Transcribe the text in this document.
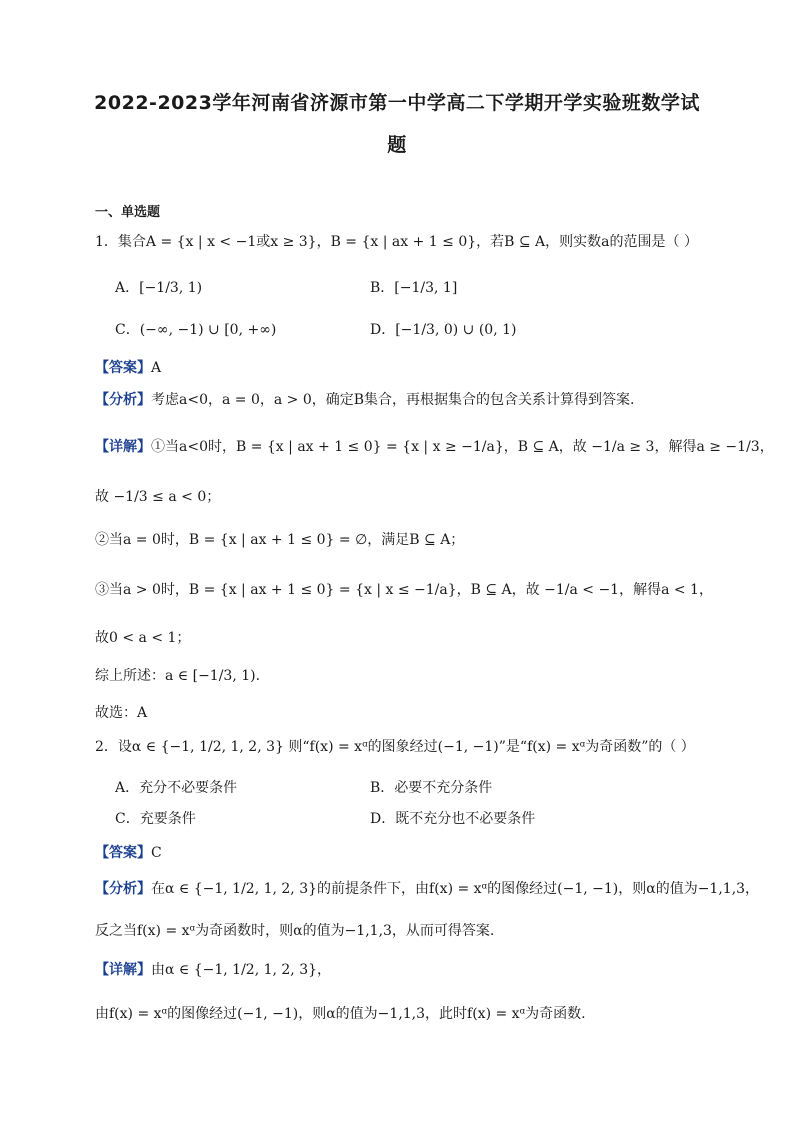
2022-2023学年河南省济源市第一中学高二下学期开学实验班数学试
题
一、单选题
1．集合A = {x | x < −1或x ≥ 3}，B = {x | ax + 1 ≤ 0}，若B ⊆ A，则实数a的范围是（ ）
A．[−1/3, 1)	B．[−1/3, 1]
C．(−∞, −1) ∪ [0, +∞)	D．[−1/3, 0) ∪ (0, 1)
【答案】A
【分析】考虑a<0，a = 0，a > 0，确定B集合，再根据集合的包含关系计算得到答案.
【详解】①当a<0时，B = {x | ax + 1 ≤ 0} = {x | x ≥ −1/a}，B ⊆ A，故 −1/a ≥ 3，解得a ≥ −1/3，
故 −1/3 ≤ a < 0；
②当a = 0时，B = {x | ax + 1 ≤ 0} = ∅，满足B ⊆ A；
③当a > 0时，B = {x | ax + 1 ≤ 0} = {x | x ≤ −1/a}，B ⊆ A，故 −1/a < −1，解得a < 1，
故0 < a < 1；
综上所述：a ∈ [−1/3, 1).
故选：A
2．设α ∈ {−1, 1/2, 1, 2, 3} 则“f(x) = xᵅ的图象经过(−1, −1)”是“f(x) = xᵅ为奇函数”的（ ）
A．充分不必要条件	B．必要不充分条件
C．充要条件	D．既不充分也不必要条件
【答案】C
【分析】在α ∈ {−1, 1/2, 1, 2, 3}的前提条件下，由f(x) = xᵅ的图像经过(−1, −1)，则α的值为−1,1,3，
反之当f(x) = xᵅ为奇函数时，则α的值为−1,1,3，从而可得答案.
【详解】由α ∈ {−1, 1/2, 1, 2, 3}，
由f(x) = xᵅ的图像经过(−1, −1)，则α的值为−1,1,3，此时f(x) = xᵅ为奇函数.
